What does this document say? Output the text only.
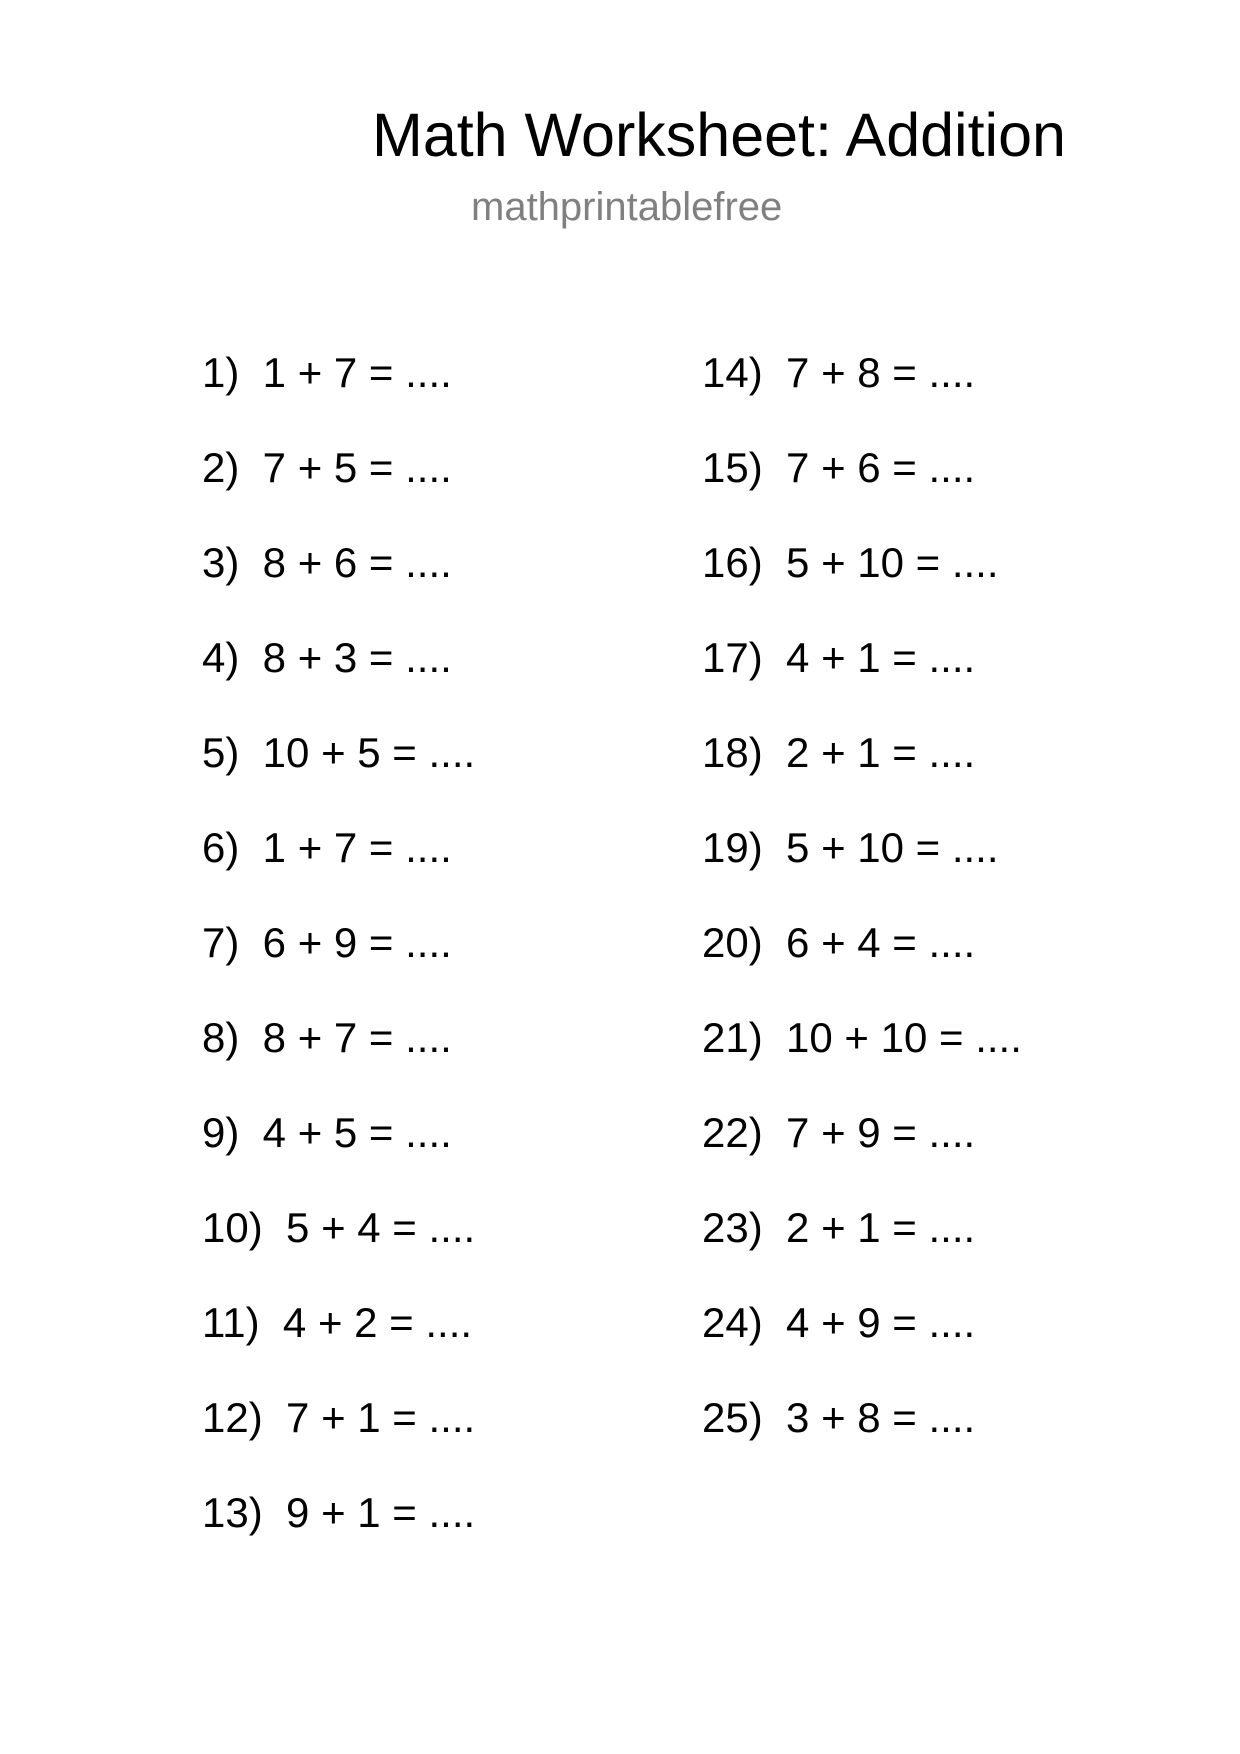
Math Worksheet: Addition
mathprintablefree
1)  1 + 7 = ....
2)  7 + 5 = ....
3)  8 + 6 = ....
4)  8 + 3 = ....
5)  10 + 5 = ....
6)  1 + 7 = ....
7)  6 + 9 = ....
8)  8 + 7 = ....
9)  4 + 5 = ....
10)  5 + 4 = ....
11)  4 + 2 = ....
12)  7 + 1 = ....
13)  9 + 1 = ....
14)  7 + 8 = ....
15)  7 + 6 = ....
16)  5 + 10 = ....
17)  4 + 1 = ....
18)  2 + 1 = ....
19)  5 + 10 = ....
20)  6 + 4 = ....
21)  10 + 10 = ....
22)  7 + 9 = ....
23)  2 + 1 = ....
24)  4 + 9 = ....
25)  3 + 8 = ....
